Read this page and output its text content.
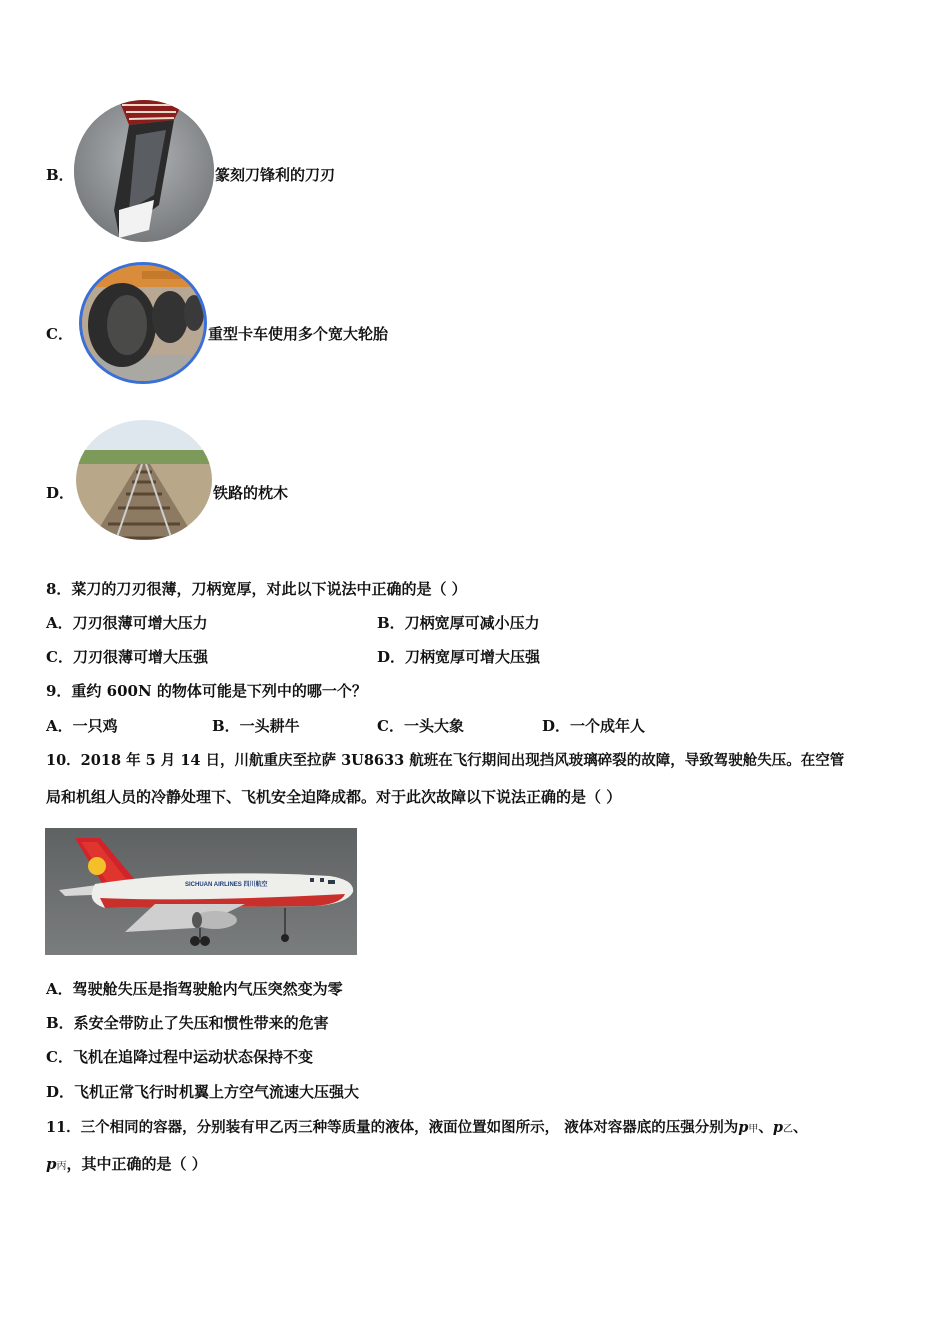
B．	篆刻刀锋利的刀刃
C．	重型卡车使用多个宽大轮胎
D．	铁路的枕木
8．菜刀的刀刃很薄，刀柄宽厚，对此以下说法中正确的是（ ）
A．刀刃很薄可增大压力	B．刀柄宽厚可减小压力
C．刀刃很薄可增大压强	D．刀柄宽厚可增大压强
9．重约 600N 的物体可能是下列中的哪一个？
A．一只鸡	B．一头耕牛	C．一头大象	D．一个成年人
10．2018 年 5 月 14 日，川航重庆至拉萨 3U8633 航班在飞行期间出现挡风玻璃碎裂的故障，导致驾驶舱失压。在空管
局和机组人员的冷静处理下、飞机安全迫降成都。对于此次故障以下说法正确的是（ ）
SICHUAN AIRLINES 四川航空
A．驾驶舱失压是指驾驶舱内气压突然变为零
B．系安全带防止了失压和惯性带来的危害
C．飞机在追降过程中运动状态保持不变
D．飞机正常飞行时机翼上方空气流速大压强大
11．三个相同的容器，分别装有甲乙丙三种等质量的液体，液面位置如图所示， 液体对容器底的压强分别为p甲、p乙、
p丙，其中正确的是（ ）
